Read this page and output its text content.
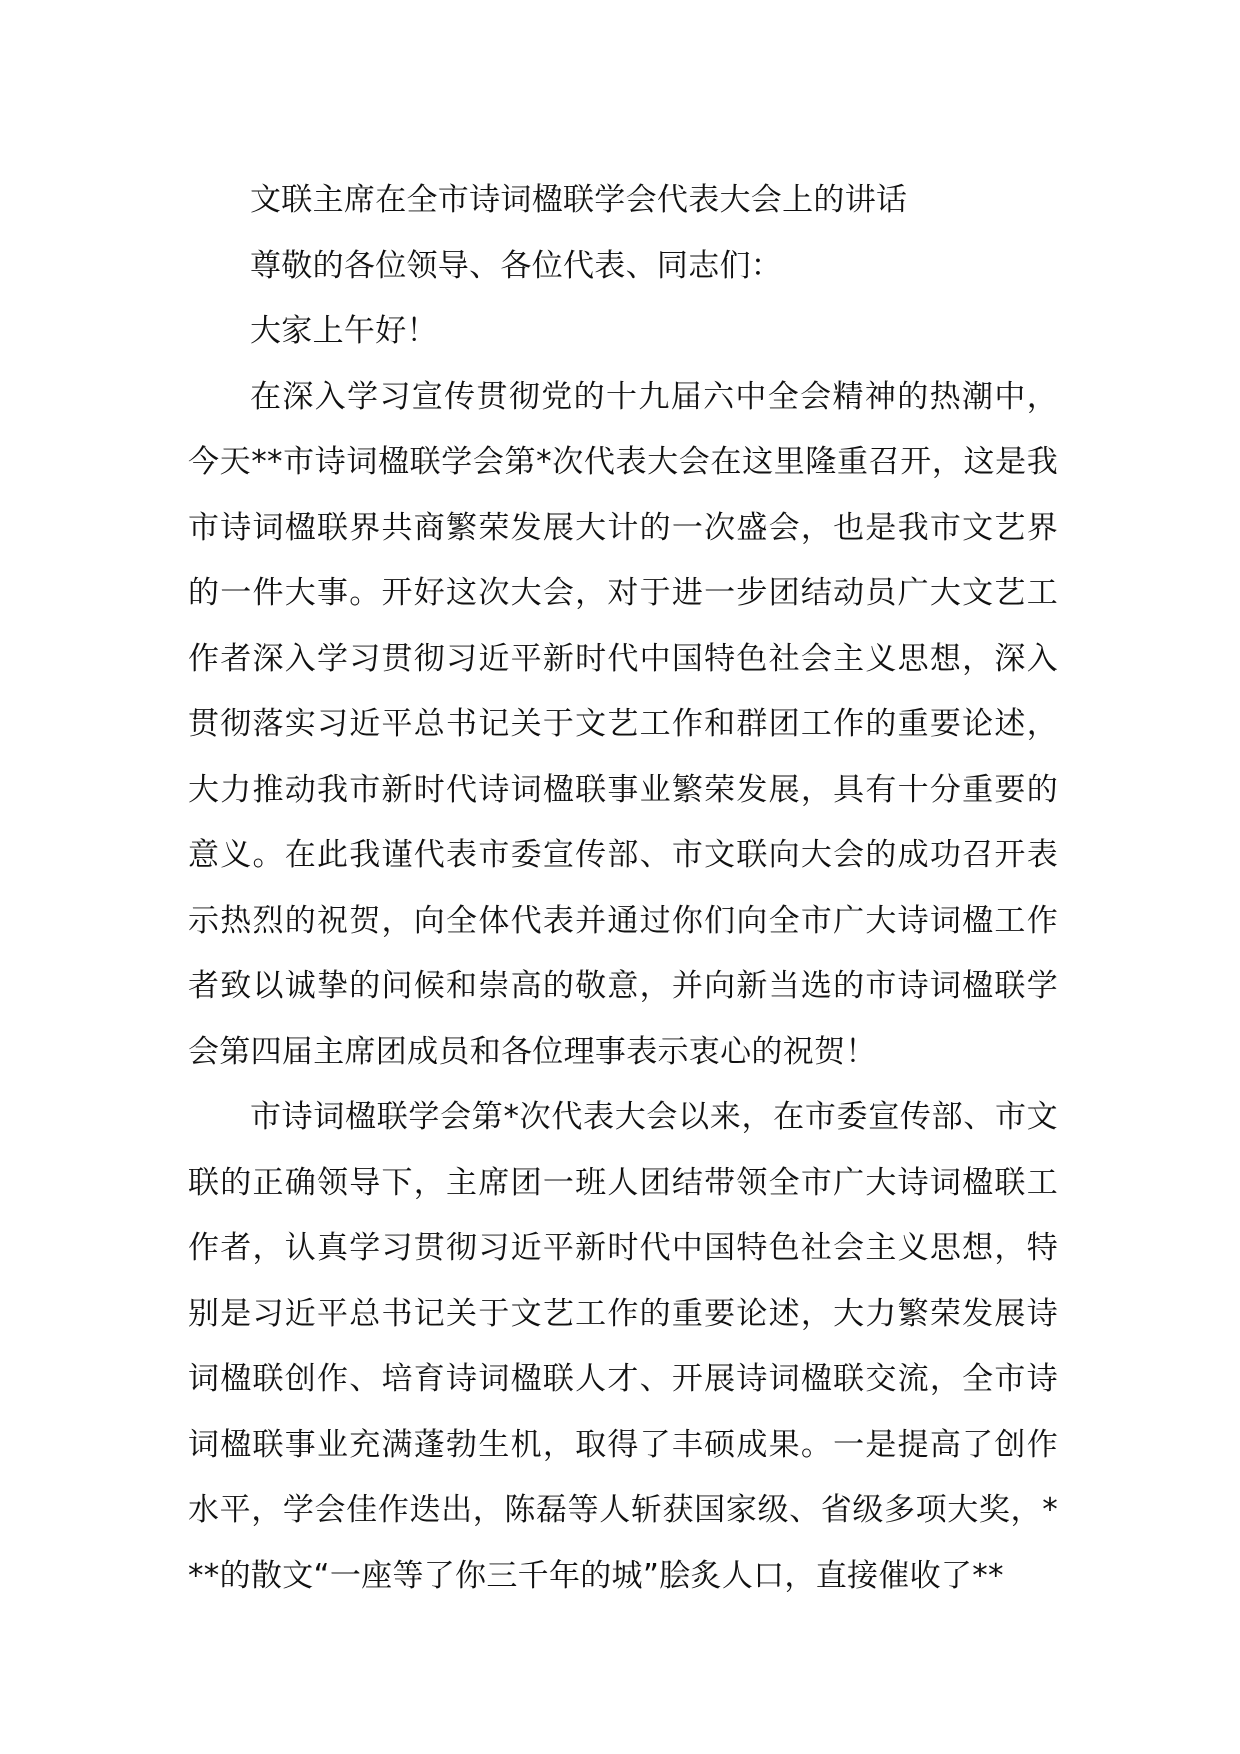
文联主席在全市诗词楹联学会代表大会上的讲话

尊敬的各位领导、各位代表、同志们：

大家上午好！

在深入学习宣传贯彻党的十九届六中全会精神的热潮中，今天**市诗词楹联学会第*次代表大会在这里隆重召开，这是我市诗词楹联界共商繁荣发展大计的一次盛会，也是我市文艺界的一件大事。开好这次大会，对于进一步团结动员广大文艺工作者深入学习贯彻习近平新时代中国特色社会主义思想，深入贯彻落实习近平总书记关于文艺工作和群团工作的重要论述，大力推动我市新时代诗词楹联事业繁荣发展，具有十分重要的意义。在此我谨代表市委宣传部、市文联向大会的成功召开表示热烈的祝贺，向全体代表并通过你们向全市广大诗词楹工作者致以诚挚的问候和崇高的敬意，并向新当选的市诗词楹联学会第四届主席团成员和各位理事表示衷心的祝贺！

市诗词楹联学会第*次代表大会以来，在市委宣传部、市文联的正确领导下，主席团一班人团结带领全市广大诗词楹联工作者，认真学习贯彻习近平新时代中国特色社会主义思想，特别是习近平总书记关于文艺工作的重要论述，大力繁荣发展诗词楹联创作、培育诗词楹联人才、开展诗词楹联交流，全市诗词楹联事业充满蓬勃生机，取得了丰硕成果。一是提高了创作水平，学会佳作迭出，陈磊等人斩获国家级、省级多项大奖，***的散文“一座等了你三千年的城”脍炙人口，直接催收了**
